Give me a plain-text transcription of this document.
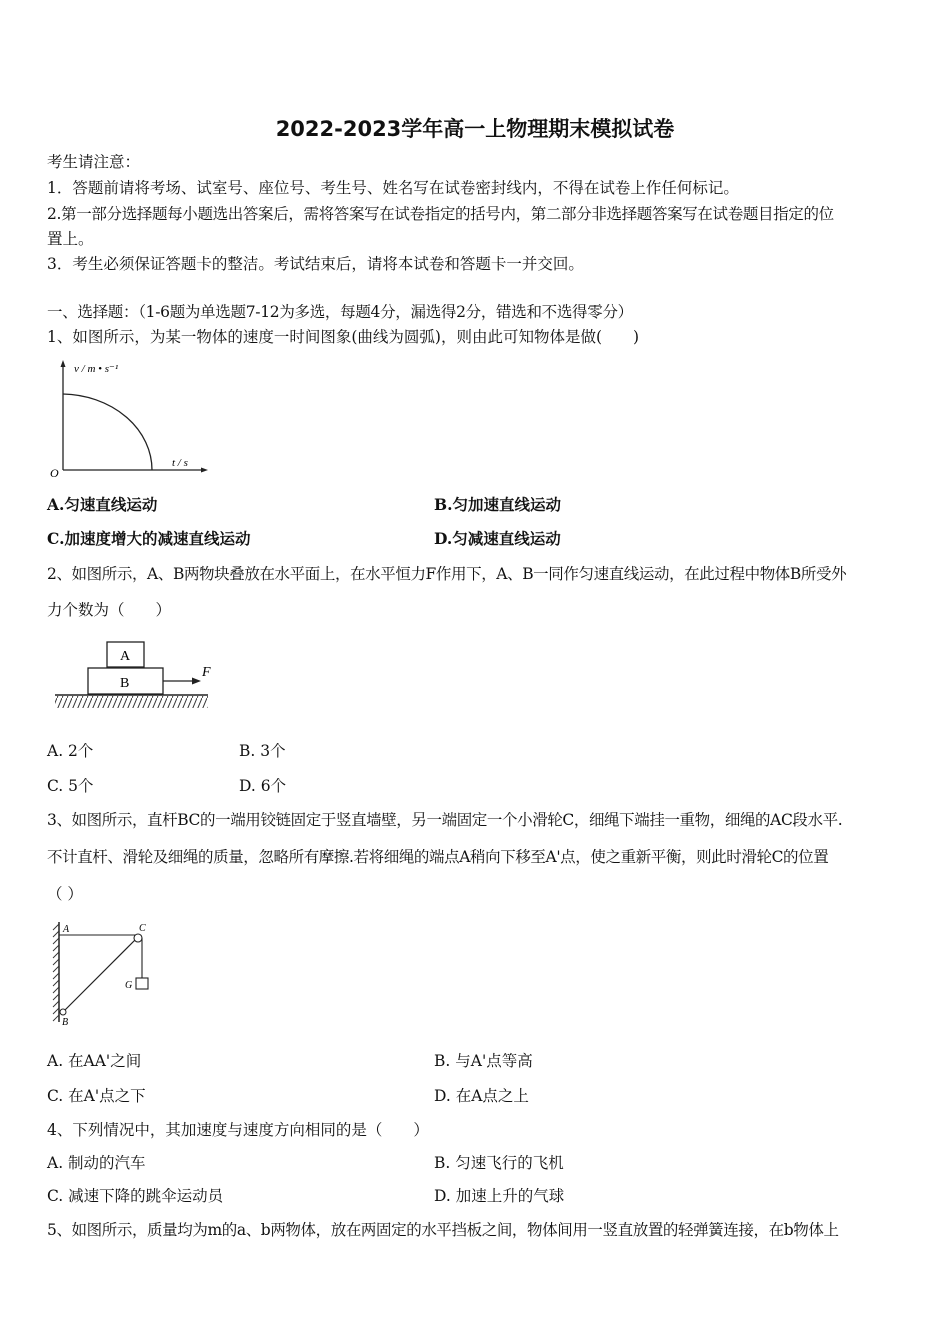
2022-2023学年高一上物理期末模拟试卷
考生请注意：
1．答题前请将考场、试室号、座位号、考生号、姓名写在试卷密封线内，不得在试卷上作任何标记。
2.第一部分选择题每小题选出答案后，需将答案写在试卷指定的括号内，第二部分非选择题答案写在试卷题目指定的位
置上。
3．考生必须保证答题卡的整洁。考试结束后，请将本试卷和答题卡一并交回。
一、选择题：（1-6题为单选题7-12为多选，每题4分，漏选得2分，错选和不选得零分）
1、如图所示，为某一物体的速度一时间图象(曲线为圆弧)，则由此可知物体是做(　　)
v / m • s⁻¹
t / s
O
A.匀速直线运动	B.匀加速直线运动
C.加速度增大的减速直线运动	D.匀减速直线运动
2、如图所示，A、B两物块叠放在水平面上，在水平恒力F作用下，A、B一同作匀速直线运动，在此过程中物体B所受外
力个数为（　　）
A
B
F
A. 2个	B. 3个
C. 5个	D. 6个
3、如图所示，直杆BC的一端用铰链固定于竖直墙壁，另一端固定一个小滑轮C，细绳下端挂一重物，细绳的AC段水平.
不计直杆、滑轮及细绳的质量，忽略所有摩擦.若将细绳的端点A稍向下移至A'点，使之重新平衡，则此时滑轮C的位置
（ ）
A	C
G
B
A. 在AA'之间	B. 与A'点等高
C. 在A'点之下	D. 在A点之上
4、下列情况中，其加速度与速度方向相同的是（　　）
A. 制动的汽车	B. 匀速飞行的飞机
C. 减速下降的跳伞运动员	D. 加速上升的气球
5、如图所示，质量均为m的a、b两物体，放在两固定的水平挡板之间，物体间用一竖直放置的轻弹簧连接，在b物体上
